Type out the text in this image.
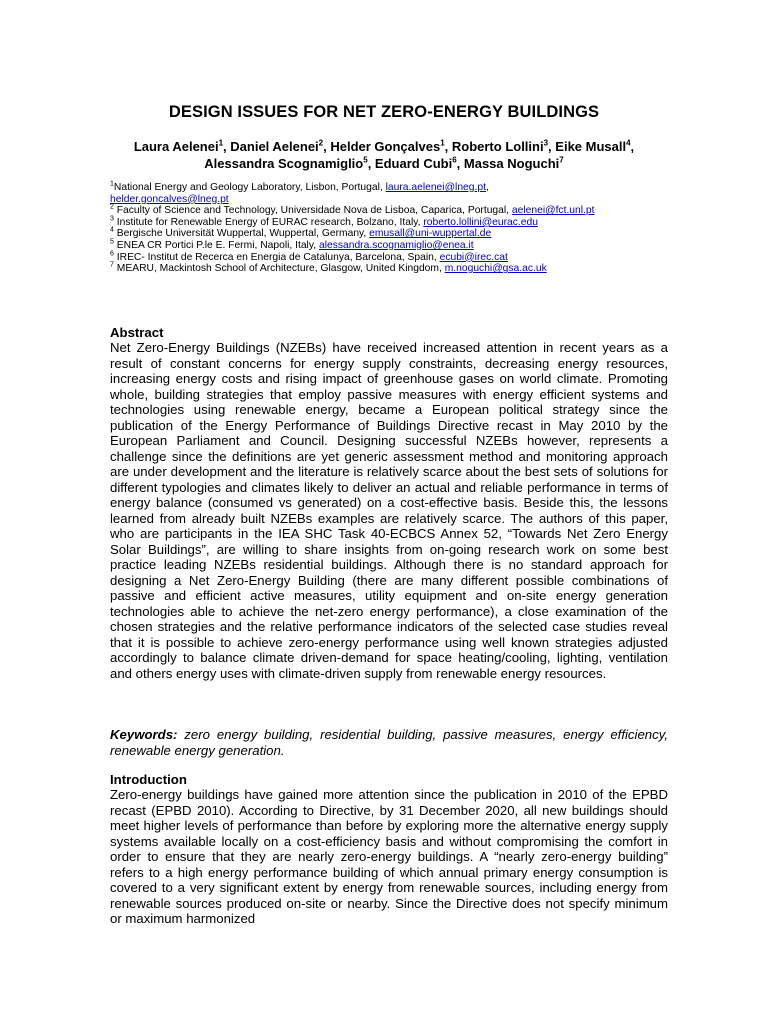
DESIGN ISSUES FOR NET ZERO-ENERGY BUILDINGS
Laura Aelenei$^1$, Daniel Aelenei$^2$, Helder Gonçalves$^1$, Roberto Lollini$^3$, Eike Musall$^4$,
Alessandra Scognamiglio$^5$, Eduard Cubi$^6$, Massa Noguchi$^7$
$^1$National Energy and Geology Laboratory, Lisbon, Portugal, laura.aelenei@lneg.pt,
helder.goncalves@lneg.pt
$^2$ Faculty of Science and Technology, Universidade Nova de Lisboa, Caparica, Portugal, aelenei@fct.unl.pt
$^3$ Institute for Renewable Energy of EURAC research, Bolzano, Italy, roberto.lollini@eurac.edu
$^4$ Bergische Universität Wuppertal, Wuppertal, Germany, emusall@uni-wuppertal.de
$^5$ ENEA CR Portici P.le E. Fermi, Napoli, Italy, alessandra.scognamiglio@enea.it
$^6$ IREC- Institut de Recerca en Energia de Catalunya, Barcelona, Spain, ecubi@irec.cat
$^7$ MEARU, Mackintosh School of Architecture, Glasgow, United Kingdom, m.noguchi@gsa.ac.uk
Abstract

Net Zero-Energy Buildings (NZEBs) have received increased attention in recent years as a result of constant concerns for energy supply constraints, decreasing energy resources, increasing energy costs and rising impact of greenhouse gases on world climate. Promoting whole, building strategies that employ passive measures with energy efficient systems and technologies using renewable energy, became a European political strategy since the publication of the Energy Performance of Buildings Directive recast in May 2010 by the European Parliament and Council. Designing successful NZEBs however, represents a challenge since the definitions are yet generic assessment method and monitoring approach are under development and the literature is relatively scarce about the best sets of solutions for different typologies and climates likely to deliver an actual and reliable performance in terms of energy balance (consumed vs generated) on a cost-effective basis. Beside this, the lessons learned from already built NZEBs examples are relatively scarce. The authors of this paper, who are participants in the IEA SHC Task 40-ECBCS Annex 52, “Towards Net Zero Energy Solar Buildings”, are willing to share insights from on-going research work on some best practice leading NZEBs residential buildings. Although there is no standard approach for designing a Net Zero-Energy Building (there are many different possible combinations of passive and efficient active measures, utility equipment and on-site energy generation technologies able to achieve the net-zero energy performance), a close examination of the chosen strategies and the relative performance indicators of the selected case studies reveal that it is possible to achieve zero-energy performance using well known strategies adjusted accordingly to balance climate driven-demand for space heating/cooling, lighting, ventilation and others energy uses with climate-driven supply from renewable energy resources.

Keywords: zero energy building, residential building, passive measures, energy efficiency, renewable energy generation.
Introduction

Zero-energy buildings have gained more attention since the publication in 2010 of the EPBD recast (EPBD 2010). According to Directive, by 31 December 2020, all new buildings should meet higher levels of performance than before by exploring more the alternative energy supply systems available locally on a cost-efficiency basis and without compromising the comfort in order to ensure that they are nearly zero-energy buildings. A “nearly zero-energy building” refers to a high energy performance building of which annual primary energy consumption is covered to a very significant extent by energy from renewable sources, including energy from renewable sources produced on-site or nearby. Since the Directive does not specify minimum or maximum harmonized
